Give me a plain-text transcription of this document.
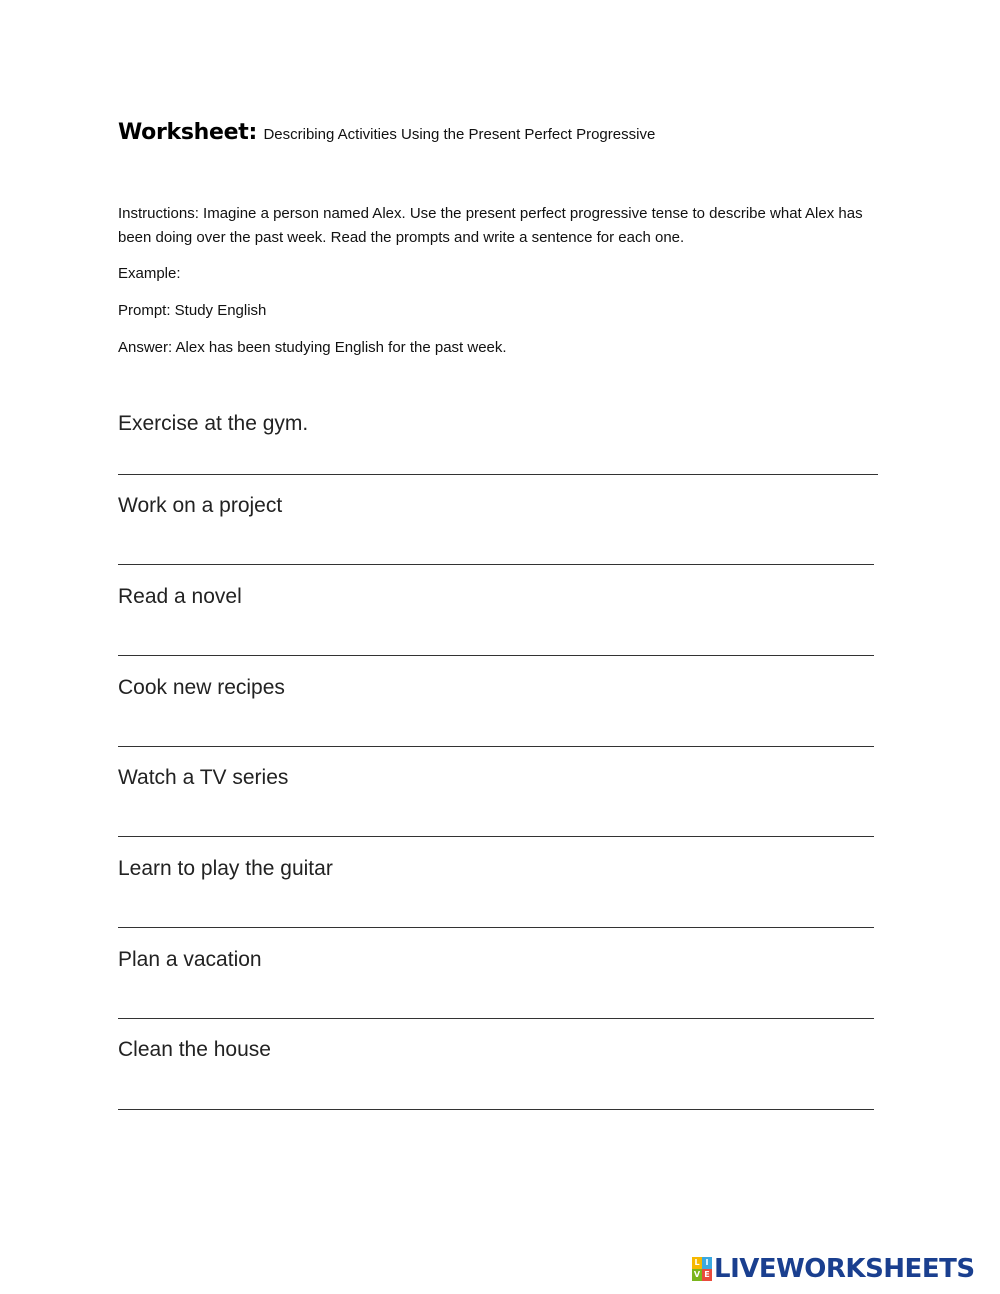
Worksheet: Describing Activities Using the Present Perfect Progressive
Instructions: Imagine a person named Alex. Use the present perfect progressive tense to describe what Alex has been doing over the past week. Read the prompts and write a sentence for each one.
Example:
Prompt: Study English
Answer: Alex has been studying English for the past week.
Exercise at the gym.
Work on a project
Read a novel
Cook new recipes
Watch a TV series
Learn to play the guitar
Plan a vacation
Clean the house
L I
V E LIVEWORKSHEETS
